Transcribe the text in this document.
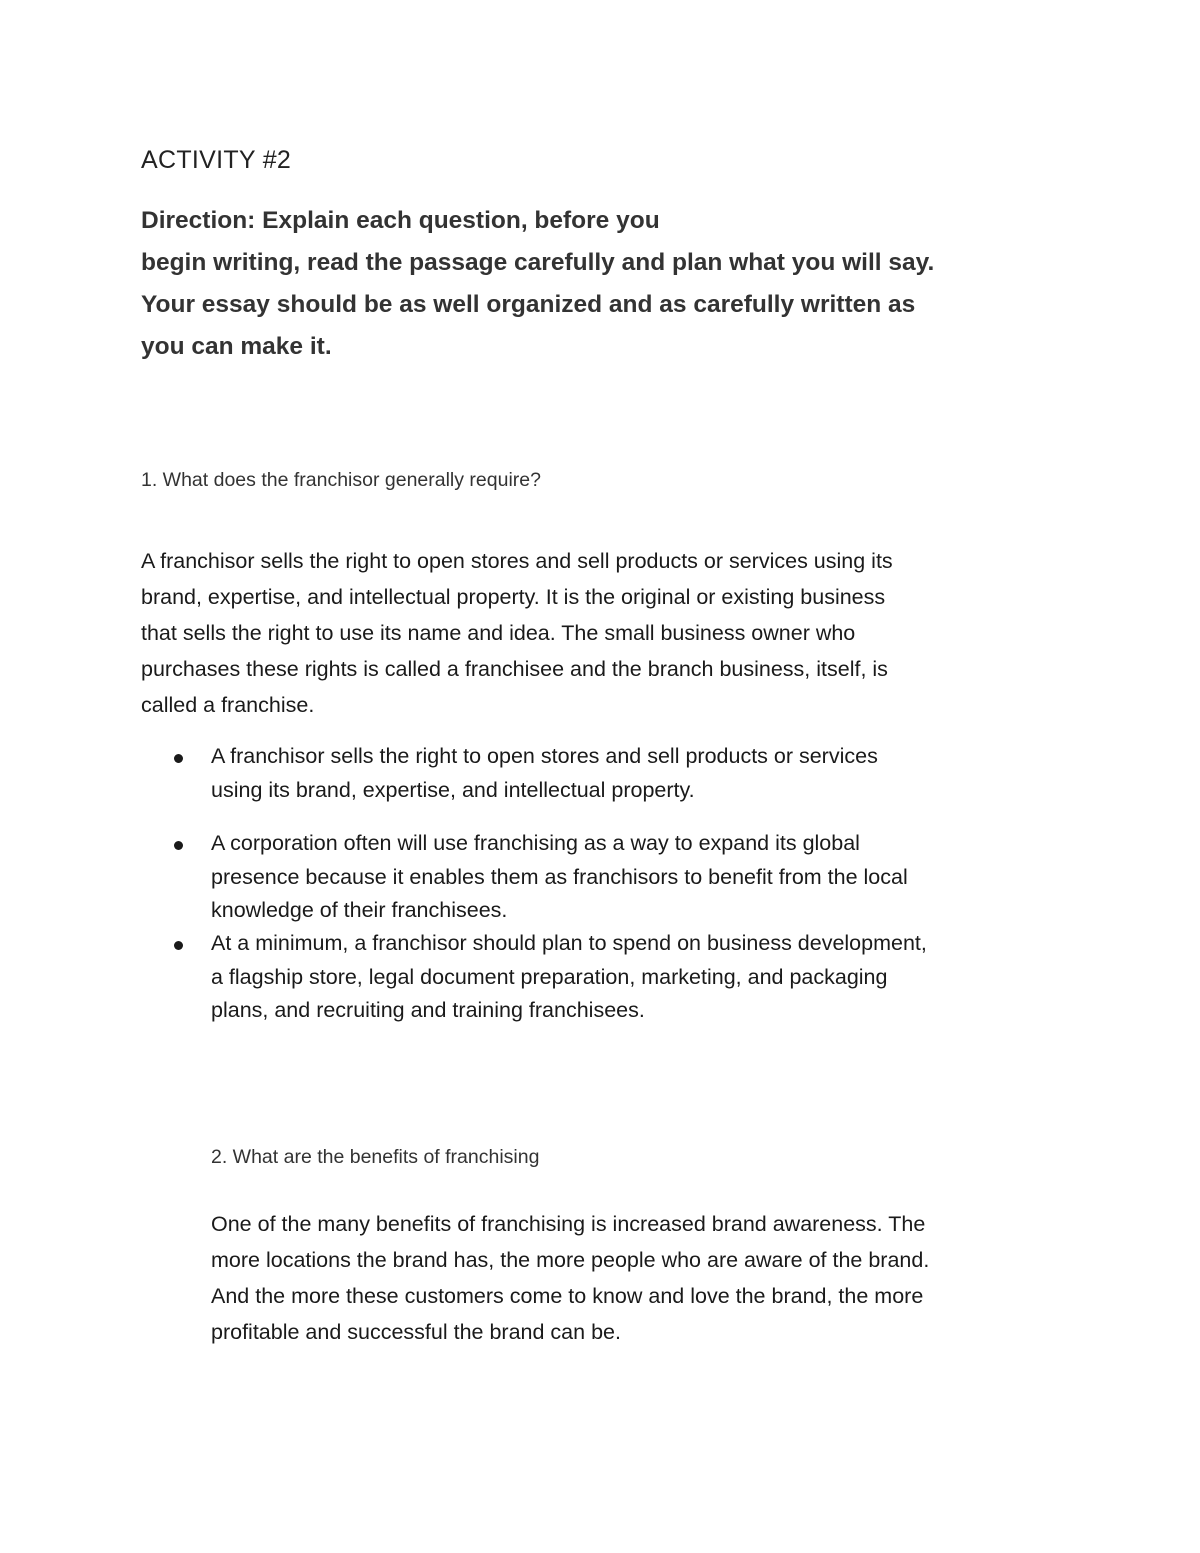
ACTIVITY #2
Direction: Explain each question, before you
begin writing, read the passage carefully and plan what you will say.
Your essay should be as well organized and as carefully written as
you can make it.
1. What does the franchisor generally require?
A franchisor sells the right to open stores and sell products or services using its
brand, expertise, and intellectual property. It is the original or existing business
that sells the right to use its name and idea. The small business owner who
purchases these rights is called a franchisee and the branch business, itself, is
called a franchise.
A franchisor sells the right to open stores and sell products or services
using its brand, expertise, and intellectual property.
A corporation often will use franchising as a way to expand its global
presence because it enables them as franchisors to benefit from the local
knowledge of their franchisees.
At a minimum, a franchisor should plan to spend on business development,
a flagship store, legal document preparation, marketing, and packaging
plans, and recruiting and training franchisees.
2. What are the benefits of franchising
One of the many benefits of franchising is increased brand awareness. The
more locations the brand has, the more people who are aware of the brand.
And the more these customers come to know and love the brand, the more
profitable and successful the brand can be.
